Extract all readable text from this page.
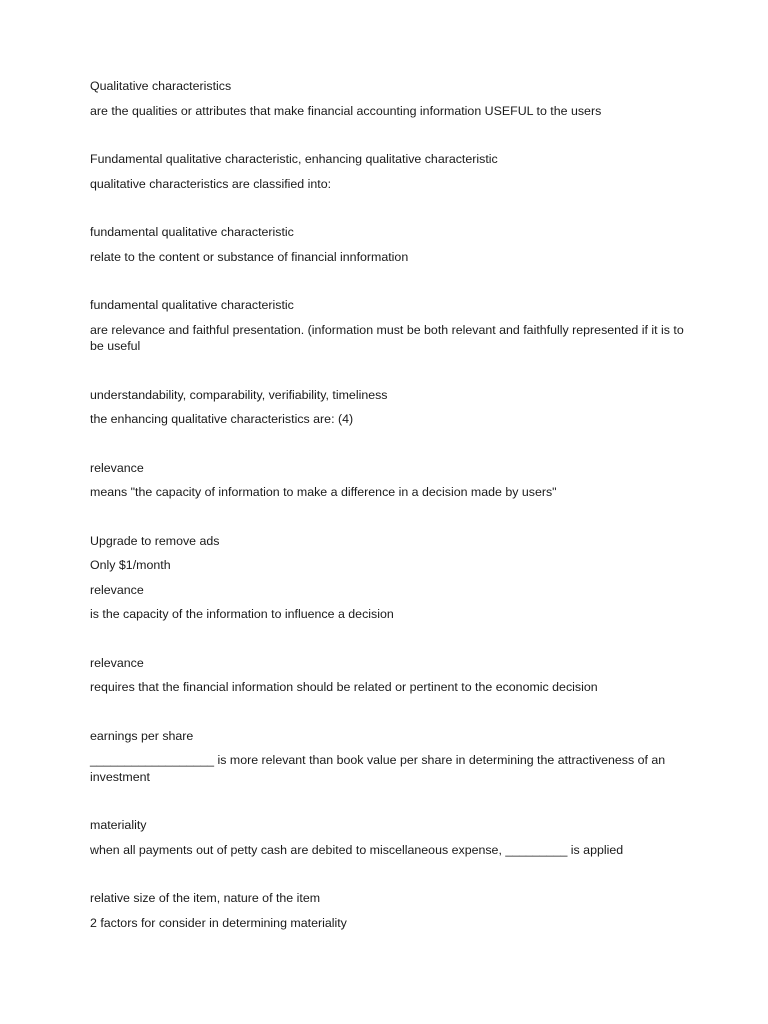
Qualitative characteristics

are the qualities or attributes that make financial accounting information USEFUL to the users

Fundamental qualitative characteristic, enhancing qualitative characteristic

qualitative characteristics are classified into:

fundamental qualitative characteristic

relate to the content or substance of financial innformation

fundamental qualitative characteristic

are relevance and faithful presentation. (information must be both relevant and faithfully represented if it is to be useful

understandability, comparability, verifiability, timeliness

the enhancing qualitative characteristics are: (4)

relevance

means "the capacity of information to make a difference in a decision made by users"

Upgrade to remove ads

Only $1/month

relevance

is the capacity of the information to influence a decision

relevance

requires that the financial information should be related or pertinent to the economic decision

earnings per share

__________________ is more relevant than book value per share in determining the attractiveness of an investment

materiality

when all payments out of petty cash are debited to miscellaneous expense, _________ is applied

relative size of the item, nature of the item

2 factors for consider in determining materiality
